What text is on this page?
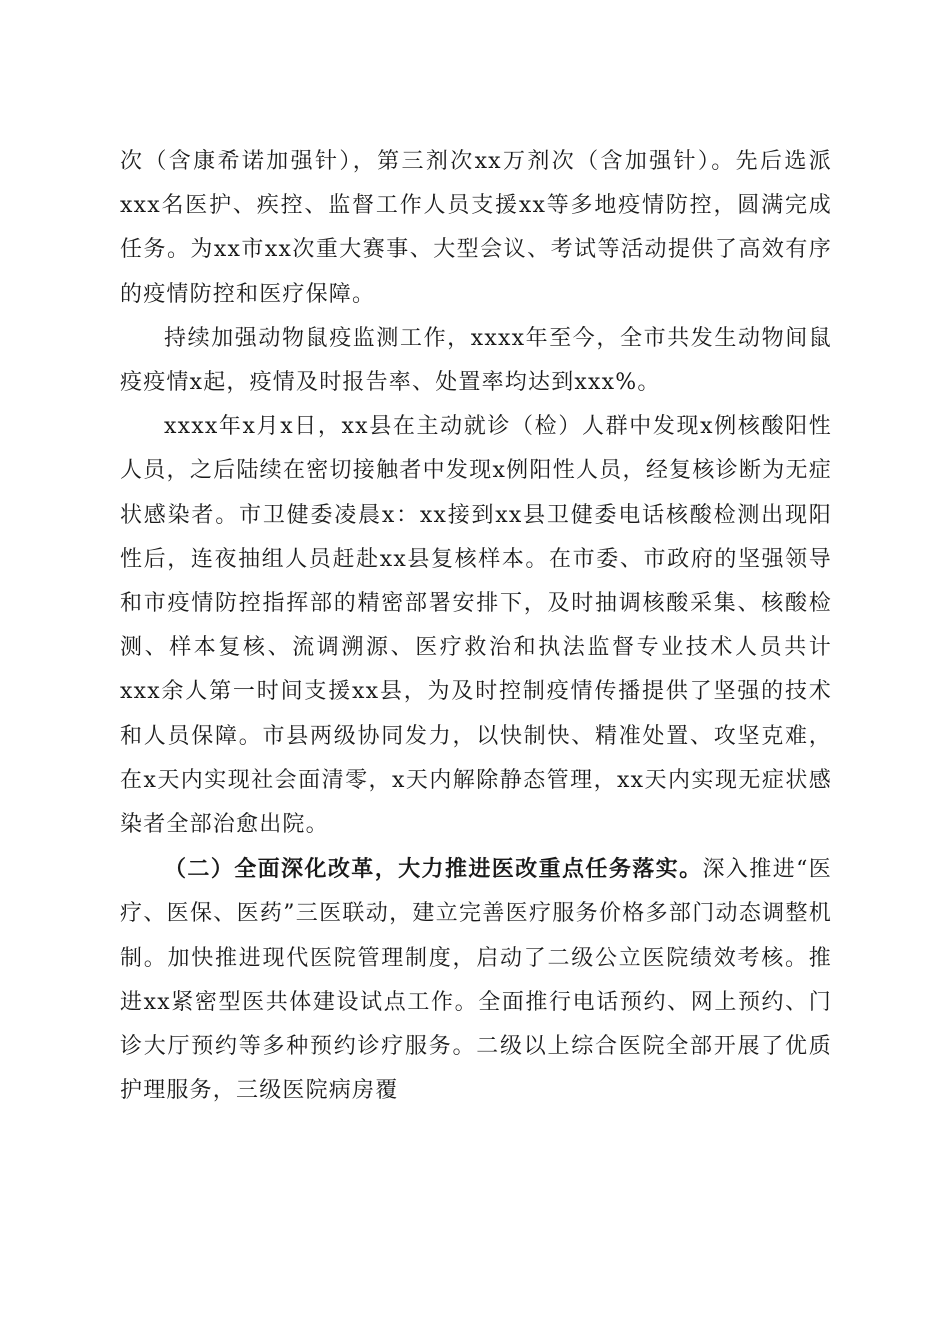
次（含康希诺加强针），第三剂次xx万剂次（含加强针）。先后选派xxx名医护、疾控、监督工作人员支援xx等多地疫情防控，圆满完成任务。为xx市xx次重大赛事、大型会议、考试等活动提供了高效有序的疫情防控和医疗保障。

持续加强动物鼠疫监测工作，xxxx年至今，全市共发生动物间鼠疫疫情x起，疫情及时报告率、处置率均达到xxx%。

xxxx年x月x日，xx县在主动就诊（检）人群中发现x例核酸阳性人员，之后陆续在密切接触者中发现x例阳性人员，经复核诊断为无症状感染者。市卫健委凌晨x：xx接到xx县卫健委电话核酸检测出现阳性后，连夜抽组人员赶赴xx县复核样本。在市委、市政府的坚强领导和市疫情防控指挥部的精密部署安排下，及时抽调核酸采集、核酸检测、样本复核、流调溯源、医疗救治和执法监督专业技术人员共计xxx余人第一时间支援xx县，为及时控制疫情传播提供了坚强的技术和人员保障。市县两级协同发力，以快制快、精准处置、攻坚克难，在x天内实现社会面清零，x天内解除静态管理，xx天内实现无症状感染者全部治愈出院。

（二）全面深化改革，大力推进医改重点任务落实。深入推进“医疗、医保、医药”三医联动，建立完善医疗服务价格多部门动态调整机制。加快推进现代医院管理制度，启动了二级公立医院绩效考核。推进xx紧密型医共体建设试点工作。全面推行电话预约、网上预约、门诊大厅预约等多种预约诊疗服务。二级以上综合医院全部开展了优质护理服务，三级医院病房覆
